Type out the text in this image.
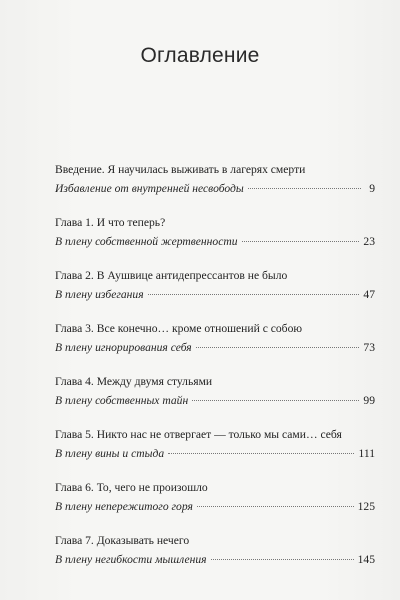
Оглавление
Введение. Я научилась выживать в лагерях смерти
Избавление от внутренней несвободы	9
Глава 1. И что теперь?
В плену собственной жертвенности	23
Глава 2. В Аушвице антидепрессантов не было
В плену избегания	47
Глава 3. Все конечно… кроме отношений с собою
В плену игнорирования себя	73
Глава 4. Между двумя стульями
В плену собственных тайн	99
Глава 5. Никто нас не отвергает — только мы сами… себя
В плену вины и стыда	111
Глава 6. То, чего не произошло
В плену непережитого горя	125
Глава 7. Доказывать нечего
В плену негибкости мышления	145
